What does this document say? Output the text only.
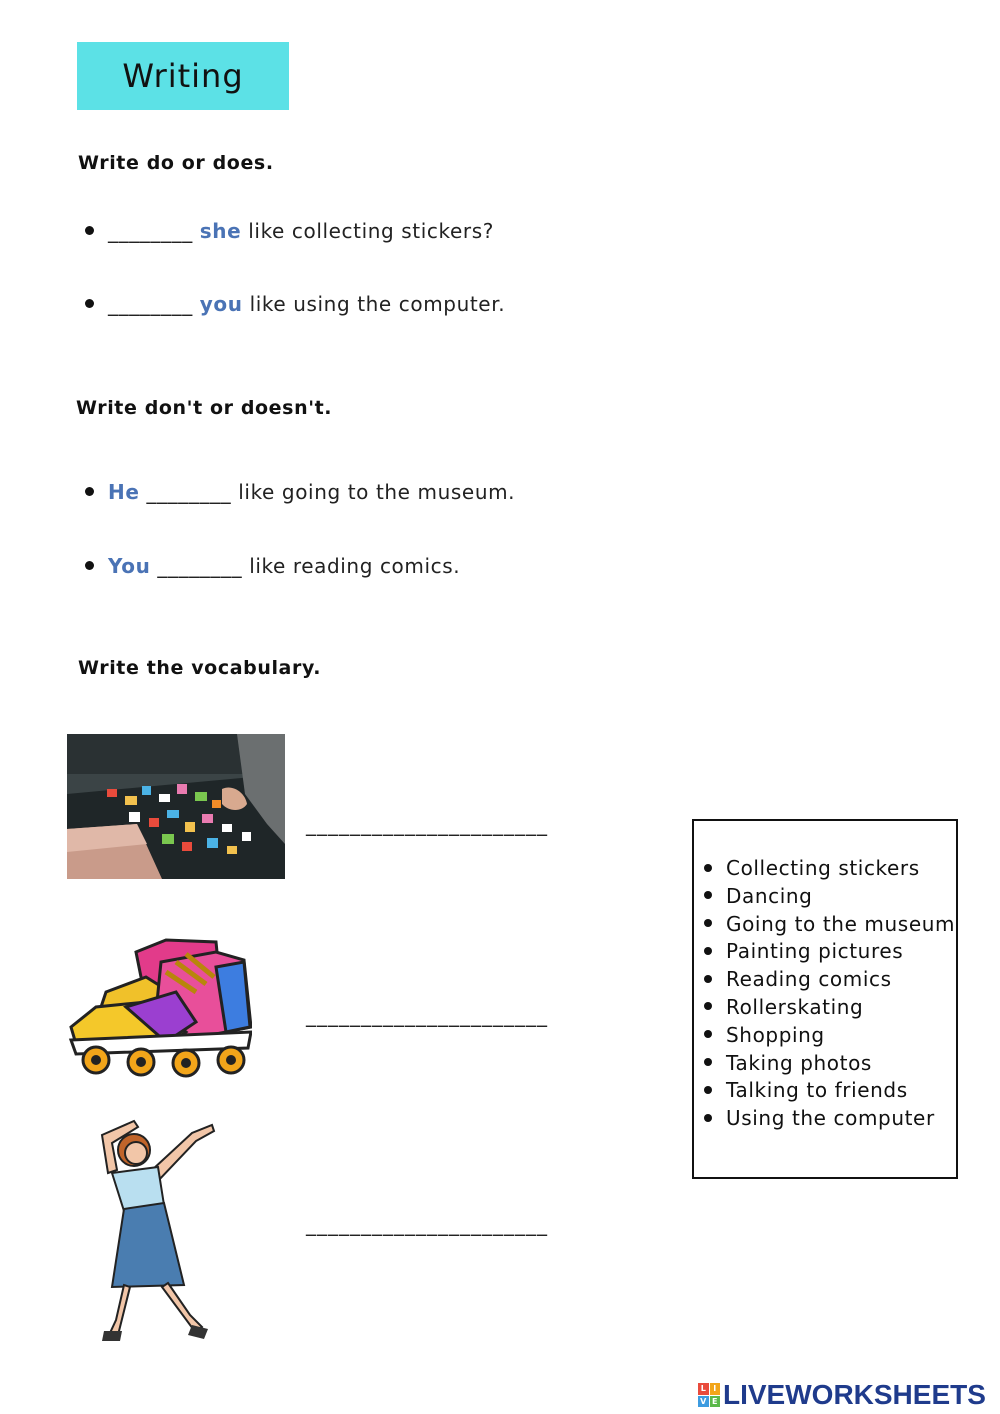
Writing
Write do or does.
________ she like collecting stickers?
________ you like using the computer.
Write don't or doesn't.
He ________ like going to the museum.
You ________ like reading comics.
Write the vocabulary.
______________________
______________________
______________________
Collecting stickers
Dancing
Going to the museum
Painting pictures
Reading comics
Rollerskating
Shopping
Taking photos
Talking to friends
Using the computer
L I
V E LIVEWORKSHEETS
